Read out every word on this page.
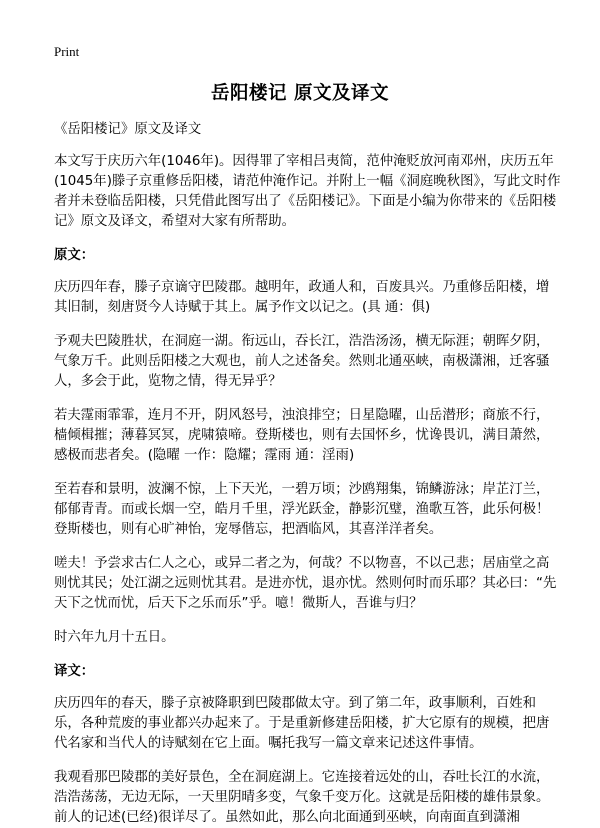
Print
岳阳楼记 原文及译文

《岳阳楼记》原文及译文

本文写于庆历六年(1046年)。因得罪了宰相吕夷简，范仲淹贬放河南邓州，庆历五年(1045年)滕子京重修岳阳楼，请范仲淹作记。并附上一幅《洞庭晚秋图》，写此文时作者并未登临岳阳楼，只凭借此图写出了《岳阳楼记》。下面是小编为你带来的《岳阳楼记》原文及译文，希望对大家有所帮助。

原文：

庆历四年春，滕子京谪守巴陵郡。越明年，政通人和，百废具兴。乃重修岳阳楼，增其旧制，刻唐贤今人诗赋于其上。属予作文以记之。(具 通：俱)

予观夫巴陵胜状，在洞庭一湖。衔远山，吞长江，浩浩汤汤，横无际涯；朝晖夕阴，气象万千。此则岳阳楼之大观也，前人之述备矣。然则北通巫峡，南极潇湘，迁客骚人，多会于此，览物之情，得无异乎？

若夫霪雨霏霏，连月不开，阴风怒号，浊浪排空；日星隐曜，山岳潜形；商旅不行，樯倾楫摧；薄暮冥冥，虎啸猿啼。登斯楼也，则有去国怀乡，忧谗畏讥，满目萧然，感极而悲者矣。(隐曜 一作：隐耀；霪雨 通：淫雨)

至若春和景明，波澜不惊，上下天光，一碧万顷；沙鸥翔集，锦鳞游泳；岸芷汀兰，郁郁青青。而或长烟一空，皓月千里，浮光跃金，静影沉璧，渔歌互答，此乐何极！登斯楼也，则有心旷神怡，宠辱偕忘，把酒临风，其喜洋洋者矣。

嗟夫！予尝求古仁人之心，或异二者之为，何哉？不以物喜，不以己悲；居庙堂之高则忧其民；处江湖之远则忧其君。是进亦忧，退亦忧。然则何时而乐耶？其必曰：“先天下之忧而忧，后天下之乐而乐”乎。噫！微斯人，吾谁与归？

时六年九月十五日。

译文：

庆历四年的春天，滕子京被降职到巴陵郡做太守。到了第二年，政事顺利，百姓和乐，各种荒废的事业都兴办起来了。于是重新修建岳阳楼，扩大它原有的规模，把唐代名家和当代人的诗赋刻在它上面。嘱托我写一篇文章来记述这件事情。

我观看那巴陵郡的美好景色，全在洞庭湖上。它连接着远处的山，吞吐长江的水流，浩浩荡荡，无边无际，一天里阴晴多变，气象千变万化。这就是岳阳楼的雄伟景象。前人的记述(已经)很详尽了。虽然如此，那么向北面通到巫峡，向南面直到潇湘
